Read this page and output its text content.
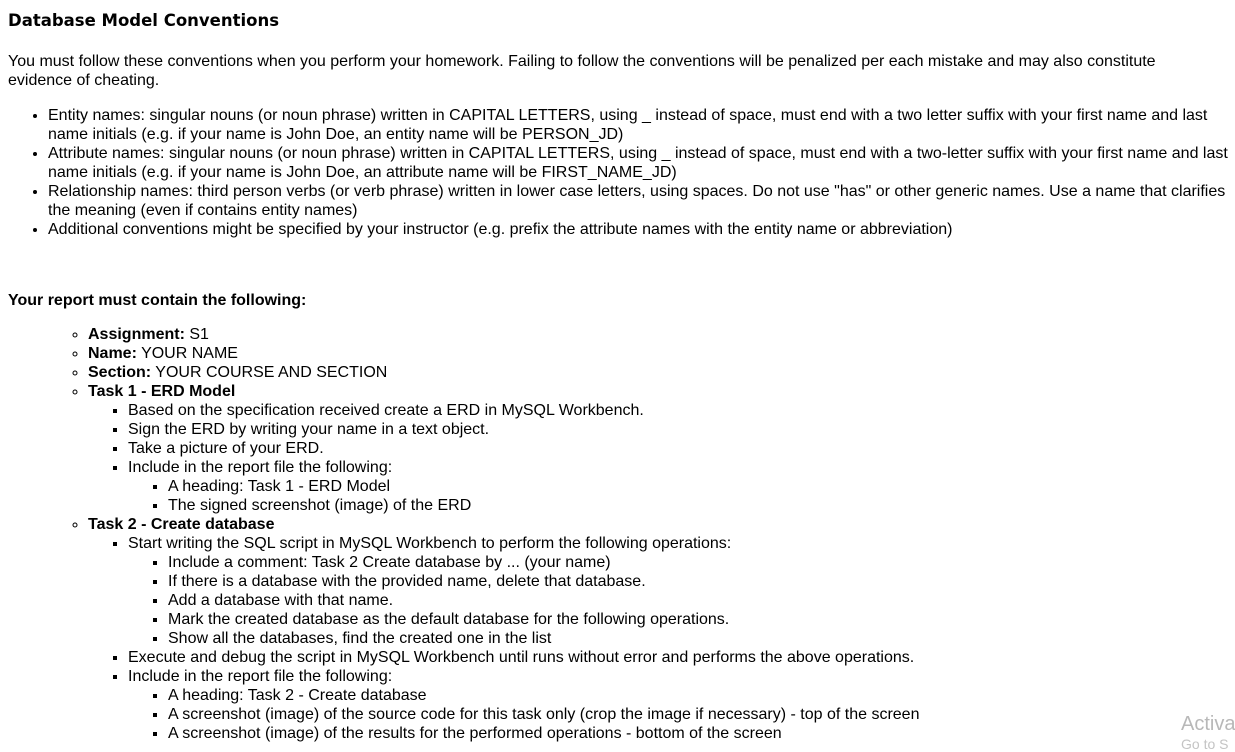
Database Model Conventions

You must follow these conventions when you perform your homework. Failing to follow the conventions will be penalized per each mistake and may also constitute evidence of cheating.

• Entity names: singular nouns (or noun phrase) written in CAPITAL LETTERS, using _ instead of space, must end with a two letter suffix with your first name and last name initials (e.g. if your name is John Doe, an entity name will be PERSON_JD)
• Attribute names: singular nouns (or noun phrase) written in CAPITAL LETTERS, using _ instead of space, must end with a two-letter suffix with your first name and last name initials (e.g. if your name is John Doe, an attribute name will be FIRST_NAME_JD)
• Relationship names: third person verbs (or verb phrase) written in lower case letters, using spaces. Do not use "has" or other generic names. Use a name that clarifies the meaning (even if contains entity names)
• Additional conventions might be specified by your instructor (e.g. prefix the attribute names with the entity name or abbreviation)

Your report must contain the following:

◦ Assignment: S1
◦ Name: YOUR NAME
◦ Section: YOUR COURSE AND SECTION
◦ Task 1 - ERD Model
▪ Based on the specification received create a ERD in MySQL Workbench.
▪ Sign the ERD by writing your name in a text object.
▪ Take a picture of your ERD.
▪ Include in the report file the following:
▪ A heading: Task 1 - ERD Model
▪ The signed screenshot (image) of the ERD
◦ Task 2 - Create database
▪ Start writing the SQL script in MySQL Workbench to perform the following operations:
▪ Include a comment: Task 2 Create database by ... (your name)
▪ If there is a database with the provided name, delete that database.
▪ Add a database with that name.
▪ Mark the created database as the default database for the following operations.
▪ Show all the databases, find the created one in the list
▪ Execute and debug the script in MySQL Workbench until runs without error and performs the above operations.
▪ Include in the report file the following:
▪ A heading: Task 2 - Create database
▪ A screenshot (image) of the source code for this task only (crop the image if necessary) - top of the screen
▪ A screenshot (image) of the results for the performed operations - bottom of the screen	Activa
Go to S
